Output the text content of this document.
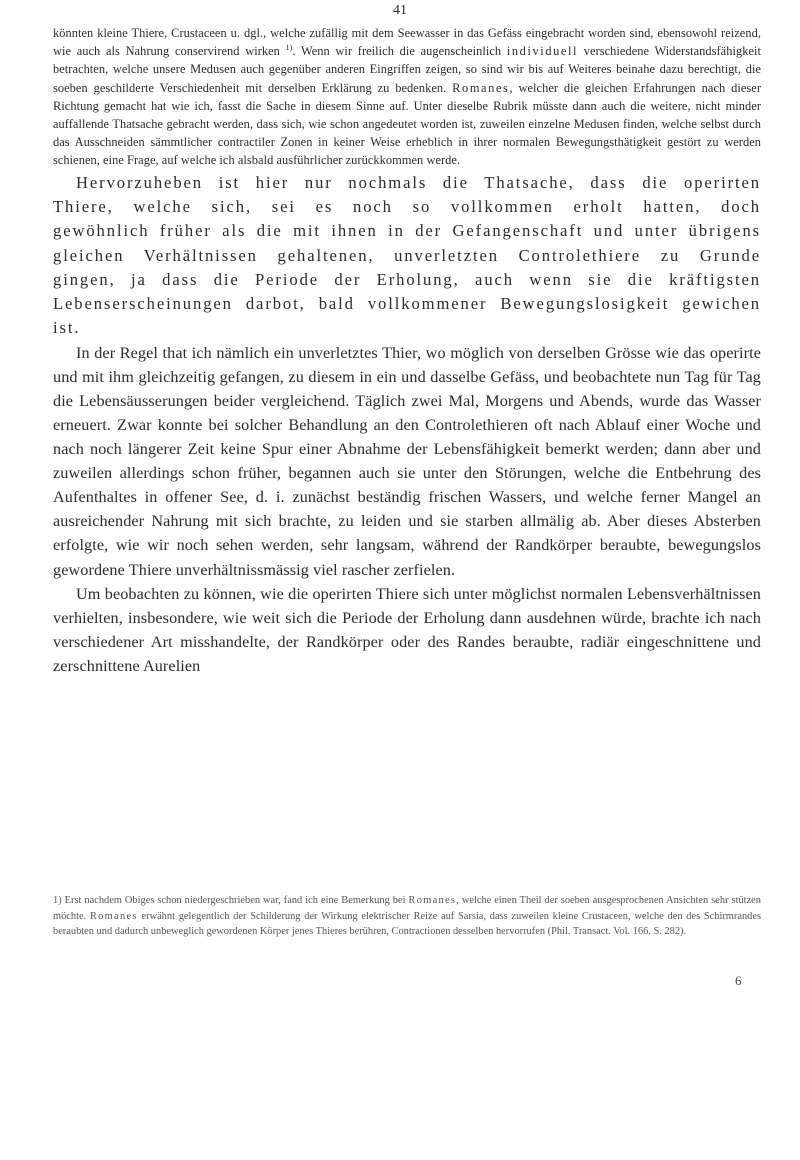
41
könnten kleine Thiere, Crustaceen u. dgl., welche zufällig mit dem Seewasser in das Gefäss eingebracht worden sind, ebensowohl reizend, wie auch als Nahrung conservirend wirken $^{1)}$. Wenn wir freilich die augenscheinlich individuell verschiedene Widerstandsfähigkeit betrachten, welche unsere Medusen auch gegenüber anderen Eingriffen zeigen, so sind wir bis auf Weiteres beinahe dazu berechtigt, die soeben geschilderte Verschiedenheit mit derselben Erklärung zu bedenken. Romanes, welcher die gleichen Erfahrungen nach dieser Richtung gemacht hat wie ich, fasst die Sache in diesem Sinne auf. Unter dieselbe Rubrik müsste dann auch die weitere, nicht minder auffallende Thatsache gebracht werden, dass sich, wie schon angedeutet worden ist, zuweilen einzelne Medusen finden, welche selbst durch das Ausschneiden sämmtlicher contractiler Zonen in keiner Weise erheblich in ihrer normalen Bewegungsthätigkeit gestört zu werden schienen, eine Frage, auf welche ich alsbald ausführlicher zurückkommen werde.
Hervorzuheben ist hier nur nochmals die Thatsache, dass die operirten Thiere, welche sich, sei es noch so vollkommen erholt hatten, doch gewöhnlich früher als die mit ihnen in der Gefangenschaft und unter übrigens gleichen Verhältnissen gehaltenen, unverletzten Controlethiere zu Grunde gingen, ja dass die Periode der Erholung, auch wenn sie die kräftigsten Lebenserscheinungen darbot, bald vollkommener Bewegungslosigkeit gewichen ist.
In der Regel that ich nämlich ein unverletztes Thier, wo möglich von derselben Grösse wie das operirte und mit ihm gleichzeitig gefangen, zu diesem in ein und dasselbe Gefäss, und beobachtete nun Tag für Tag die Lebensäusserungen beider vergleichend. Täglich zwei Mal, Morgens und Abends, wurde das Wasser erneuert. Zwar konnte bei solcher Behandlung an den Controlethieren oft nach Ablauf einer Woche und nach noch längerer Zeit keine Spur einer Abnahme der Lebensfähigkeit bemerkt werden; dann aber und zuweilen allerdings schon früher, begannen auch sie unter den Störungen, welche die Entbehrung des Aufenthaltes in offener See, d. i. zunächst beständig frischen Wassers, und welche ferner Mangel an ausreichender Nahrung mit sich brachte, zu leiden und sie starben allmälig ab. Aber dieses Absterben erfolgte, wie wir noch sehen werden, sehr langsam, während der Randkörper beraubte, bewegungslos gewordene Thiere unverhältnissmässig viel rascher zerfielen.
Um beobachten zu können, wie die operirten Thiere sich unter möglichst normalen Lebensverhältnissen verhielten, insbesondere, wie weit sich die Periode der Erholung dann ausdehnen würde, brachte ich nach verschiedener Art misshandelte, der Randkörper oder des Randes beraubte, radiär eingeschnittene und zerschnittene Aurelien
1) Erst nachdem Obiges schon niedergeschrieben war, fand ich eine Bemerkung bei Romanes, welche einen Theil der soeben ausgesprochenen Ansichten sehr stützen möchte. Romanes erwähnt gelegentlich der Schilderung der Wirkung elektrischer Reize auf Sarsia, dass zuweilen kleine Crustaceen, welche den des Schirmrandes beraubten und dadurch unbeweglich gewordenen Körper jenes Thieres berühren, Contractionen desselben hervorrufen (Phil. Transact. Vol. 166. S. 282).
6
